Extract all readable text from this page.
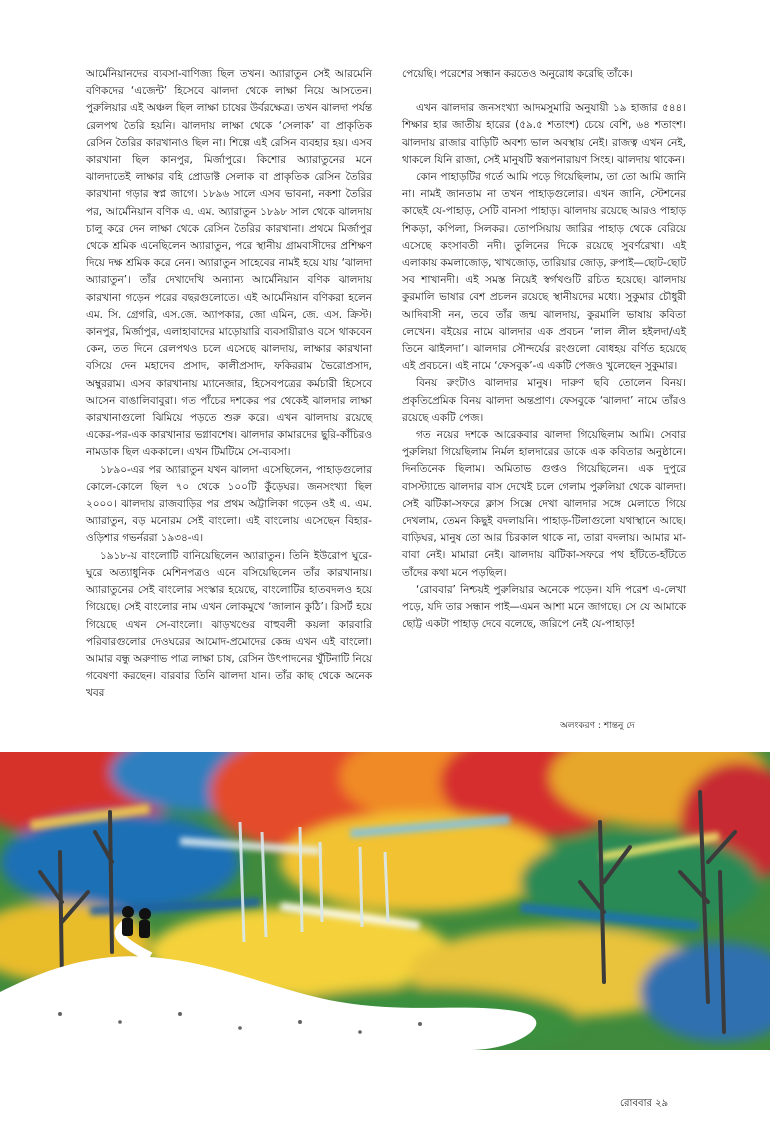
আর্মেনিয়ানদের ব্যবসা-বাণিজ্য ছিল তখন। অ্যারাতুন সেই আরমেনি বণিকদের ‘এজেন্ট’ হিসেবে ঝালদা থেকে লাক্ষা নিয়ে আসতেন। পুরুলিয়ার এই অঞ্চল ছিল লাক্ষা চাষের উর্বরক্ষেত্র। তখন ঝালদা পর্যন্ত রেলপথ তৈরি হয়নি। ঝালদায় লাক্ষা থেকে ‘সেলাক’ বা প্রাকৃতিক রেসিন তৈরির কারখানাও ছিল না। শিল্পে এই রেসিন ব্যবহার হয়। এসব কারখানা ছিল কানপুর, মির্জাপুরে। কিশোর অ্যারাতুনের মনে ঝালদাতেই লাক্ষার বহি প্রোডাক্ট সেলাক বা প্রাকৃতিক রেসিন তৈরির কারখানা গড়ার স্বপ্ন জাগে। ১৮৯৬ সালে এসব ভাবনা, নকশা তৈরির পর, আর্মেনিয়ান বণিক এ. এম. অ্যারাতুন ১৮৯৮ সাল থেকে ঝালদায় চালু করে দেন লাক্ষা থেকে রেসিন তৈরির কারখানা। প্রথমে মির্জাপুর থেকে শ্রমিক এনেছিলেন অ্যারাতুন, পরে স্থানীয় গ্রামবাসীদের প্রশিক্ষণ দিয়ে দক্ষ শ্রমিক করে নেন। অ্যারাতুন সাহেবের নামই হয়ে যায় ‘ঝালদা অ্যারাতুন’। তাঁর দেখাদেখি অন্যান্য আর্মেনিয়ান বণিক ঝালদায় কারখানা গড়েন পরের বছরগুলোতে। এই আর্মেনিয়ান বণিকরা হলেন এম. সি. গ্রেগরি, এস.জে. অ্যাপকার, জো এমিন, জে. এস. ক্রিস্ট। কানপুর, মির্জাপুর, এলাহাবাদের মাড়োয়ারি ব্যবসায়ীরাও বসে থাকবেন কেন, তত দিনে রেলপথও চলে এসেছে ঝালদায়, লাক্ষার কারখানা বসিয়ে দেন মহাদেব প্রসাদ, কালীপ্রসাদ, ফকিররাম ভৈরোপ্রসাদ, অম্বুররাম। এসব কারখানায় ম্যানেজার, হিসেবপত্রের কর্মচারী হিসেবে আসেন বাঙালিবাবুরা। গত পাঁচের দশকের পর থেকেই ঝালদার লাক্ষা কারখানাগুলো ঝিমিয়ে পড়তে শুরু করে। এখন ঝালদায় রয়েছে একের-পর-এক কারখানার ভগ্নাবশেষ। ঝালদার কামারদের ছুরি-কাঁচিরও নামডাক ছিল এককালে। এখন টিমটিমে সে-ব্যবসা।

১৮৯০-এর পর অ্যারাতুন যখন ঝালদা এসেছিলেন, পাহাড়গুলোর কোলে-কোলে ছিল ৭০ থেকে ১০০টি কুঁড়েঘর। জনসংখ্যা ছিল ২০০০। ঝালদায় রাজবাড়ির পর প্রথম অট্টালিকা গড়েন ওই এ. এম. অ্যারাতুন, বড় মনোরম সেই বাংলো। এই বাংলোয় এসেছেন বিহার-ওড়িশার গভর্নররা ১৯৩৪-এ।

১৯১৮-য় বাংলোটি বানিয়েছিলেন অ্যারাতুন। তিনি ইউরোপ ঘুরে-ঘুরে অত্যাধুনিক মেশিনপত্রও এনে বসিয়েছিলেন তাঁর কারখানায়। অ্যারাতুনের সেই বাংলোর সংস্কার হয়েছে, বাংলোটির হাতবদলও হয়ে গিয়েছে। সেই বাংলোর নাম এখন লোকমুখে ‘জালান কুঠি’। রিসর্ট হয়ে গিয়েছে এখন সে-বাংলো। ঝাড়খণ্ডের বাহুবলী কয়লা কারবারি পরিবারগুলোর দেওঘরের আমোদ-প্রমোদের কেন্দ্র এখন এই বাংলো। আমার বন্ধু অরুণাভ পাত্র লাক্ষা চাষ, রেসিন উৎপাদনের খুঁটিনাটি নিয়ে গবেষণা করছেন। বারবার তিনি ঝালদা যান। তাঁর কাছ থেকে অনেক খবর

পেয়েছি। পরেশের সন্ধান করতেও অনুরোধ করেছি তাঁকে।

এখন ঝালদার জনসংখ্যা আদমসুমারি অনুযায়ী ১৯ হাজার ৫৪৪। শিক্ষার হার জাতীয় হারের (৫৯.৫ শতাংশ) চেয়ে বেশি, ৬৪ শতাংশ। ঝালদায় রাজার বাড়িটি অবশ্য ভাল অবস্থায় নেই। রাজত্ব এখন নেই, থাকলে যিনি রাজা, সেই মানুষটি স্বরূপনারায়ণ সিংহ। ঝালদায় থাকেন।

কোন পাহাড়টির গর্তে আমি পড়ে গিয়েছিলাম, তা তো আমি জানি না। নামই জানতাম না তখন পাহাড়গুলোর। এখন জানি, স্টেশনের কাছেই যে-পাহাড়, সেটি বানসা পাহাড়। ঝালদায় রয়েছে আরও পাহাড় শিকড়া, কপিলা, সিলকর। তোপসিয়ায় জারির পাহাড় থেকে বেরিয়ে এসেছে কংসাবতী নদী। তুলিনের দিকে রয়েছে সুবর্ণরেখা। এই এলাকায় কমলাজোড়, খাখজোড়, তারিয়ার জোড়, রুপাই—ছোট-ছোট সব শাখানদী। এই সমস্ত নিয়েই স্বর্গখণ্ডটি রচিত হয়েছে। ঝালদায় কুরমালি ভাষার বেশ প্রচলন রয়েছে স্থানীয়দের মধ্যে। সুকুমার চৌধুরী আদিবাসী নন, তবে তাঁর জন্ম ঝালদায়, কুরমালি ভাষায় কবিতা লেখেন। বইয়ের নামে ঝালদার এক প্রবচন ‘লাল লীল হইলদা/এই তিনে ঝাইলদা’। ঝালদার সৌন্দর্যের রংগুলো বোধহয় বর্ণিত হয়েছে এই প্রবচনে। এই নামে ‘ফেসবুক’-এ একটি পেজও খুলেছেন সুকুমার।

বিনয় রুংটাও ঝালদার মানুষ। দারুণ ছবি তোলেন বিনয়। প্রকৃতিপ্রেমিক বিনয় ঝালদা অন্তপ্রাণ। ফেসবুকে ‘ঝালদা’ নামে তাঁরও রয়েছে একটি পেজ।

গত নয়ের দশকে আরেকবার ঝালদা গিয়েছিলাম আমি। সেবার পুরুলিয়া গিয়েছিলাম নির্মল হালদারের ডাকে এক কবিতার অনুষ্ঠানে। দিনতিনেক ছিলাম। অমিতাভ গুপ্তও গিয়েছিলেন। এক দুপুরে বাসস্ট্যান্ডে ঝালদার বাস দেখেই চলে গেলাম পুরুলিয়া থেকে ঝালদা। সেই ঝটিকা-সফরে ক্লাস সিক্সে দেখা ঝালদার সঙ্গে মেলাতে গিয়ে দেখলাম, তেমন কিছুই বদলায়নি। পাহাড়-টিলাগুলো যথাস্থানে আছে। বাড়িঘর, মানুষ তো আর চিরকাল থাকে না, তারা বদলায়। আমার মা-বাবা নেই। মামারা নেই। ঝালদায় ঝটিকা-সফরে পথ হাঁটতে-হাঁটতে তাঁদের কথা মনে পড়ছিল।

‘রোববার’ নিশ্চয়ই পুরুলিয়ার অনেকে পড়েন। যদি পরেশ এ-লেখা পড়ে, যদি তার সন্ধান পাই—এমন আশা মনে জাগছে। সে যে আমাকে ছোট্ট একটা পাহাড় দেবে বলেছে, জরিপে নেই যে-পাহাড়!

অলংকরণ : শান্তনু দে
রোববার ২৯
